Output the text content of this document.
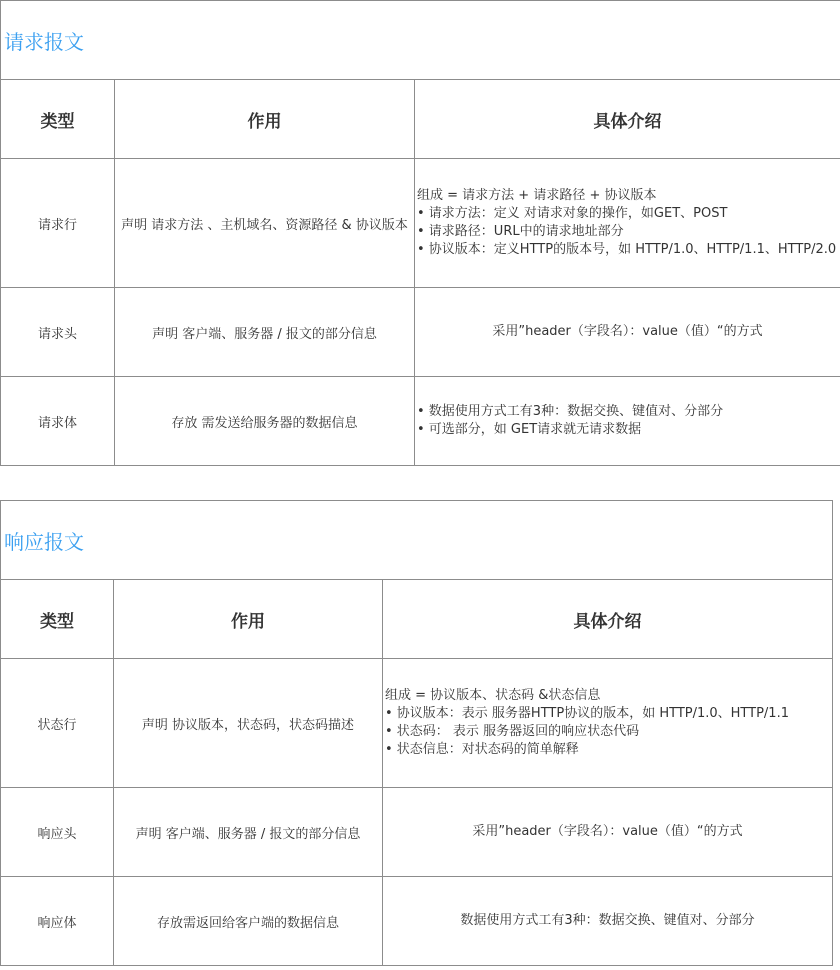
请求报文		
类型	作用	具体介绍
请求行	声明 请求方法 、主机域名、资源路径 & 协议版本	组成 = 请求方法 + 请求路径 + 协议版本
• 请求方法：定义 对请求对象的操作，如GET、POST
• 请求路径：URL中的请求地址部分
• 协议版本：定义HTTP的版本号，如 HTTP/1.0、HTTP/1.1、HTTP/2.0

请求头	声明 客户端、服务器 / 报文的部分信息	采用”header（字段名）：value（值）“的方式

请求体	存放 需发送给服务器的数据信息	• 数据使用方式工有3种：数据交换、键值对、分部分
• 可选部分，如 GET请求就无请求数据
响应报文		
类型	作用	具体介绍
状态行	声明 协议版本，状态码，状态码描述	组成 = 协议版本、状态码 &状态信息
• 协议版本：表示 服务器HTTP协议的版本，如 HTTP/1.0、HTTP/1.1
• 状态码： 表示 服务器返回的响应状态代码
• 状态信息：对状态码的简单解释

响应头	声明 客户端、服务器 / 报文的部分信息	采用”header（字段名）：value（值）“的方式

响应体	存放需返回给客户端的数据信息	数据使用方式工有3种：数据交换、键值对、分部分
